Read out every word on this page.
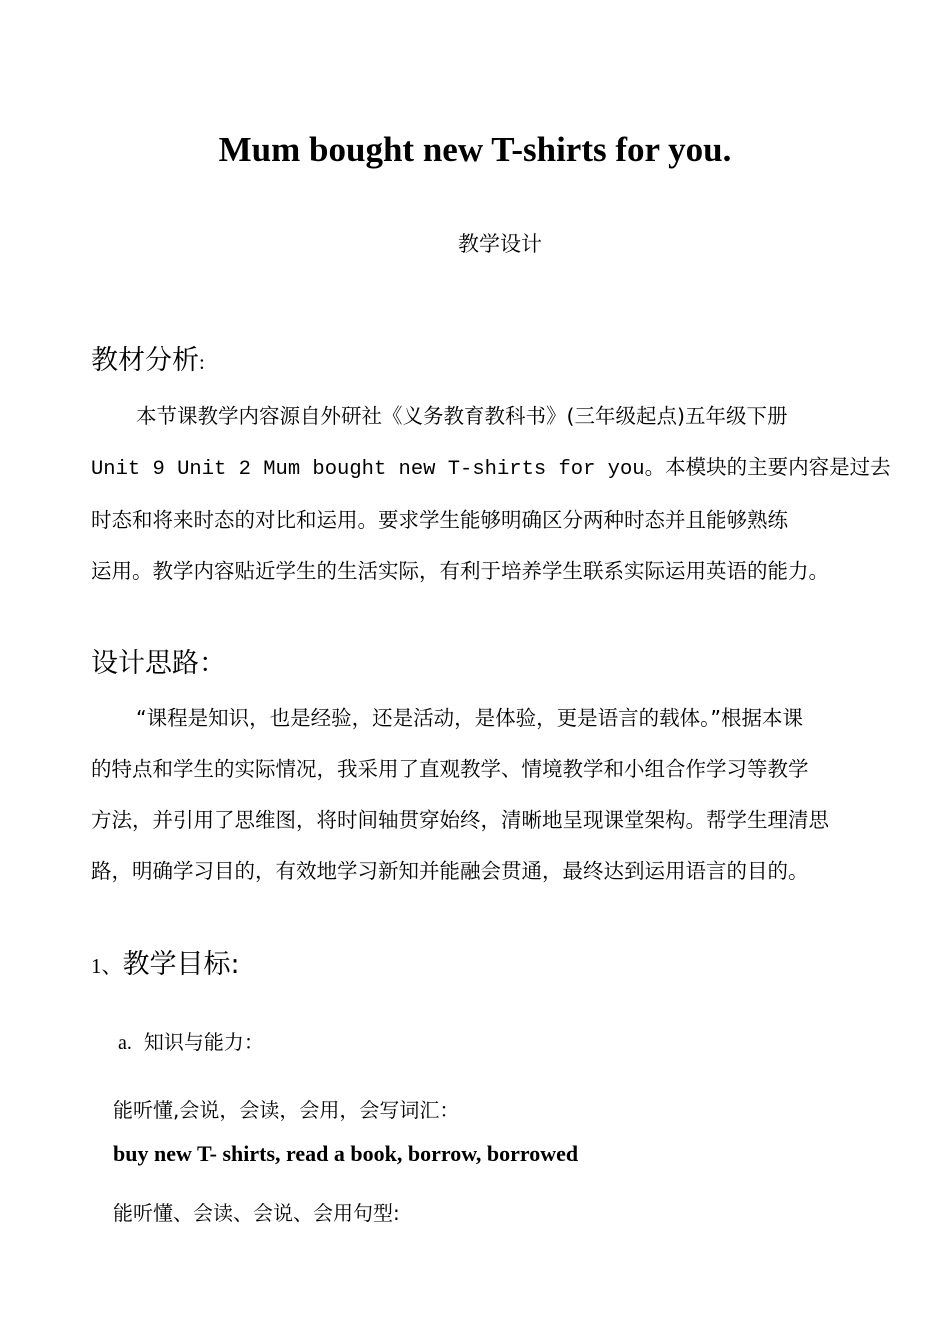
Mum bought new T-shirts for you.
教学设计
教材分析:
本节课教学内容源自外研社《义务教育教科书》(三年级起点)五年级下册
Unit 9 Unit 2 Mum bought new T-shirts for you。本模块的主要内容是过去
时态和将来时态的对比和运用。要求学生能够明确区分两种时态并且能够熟练
运用。教学内容贴近学生的生活实际，有利于培养学生联系实际运用英语的能力。
设计思路：
“课程是知识，也是经验，还是活动，是体验，更是语言的载体。”根据本课
的特点和学生的实际情况，我采用了直观教学、情境教学和小组合作学习等教学
方法，并引用了思维图，将时间轴贯穿始终，清晰地呈现课堂架构。帮学生理清思
路，明确学习目的，有效地学习新知并能融会贯通，最终达到运用语言的目的。
1、教学目标:
a. 知识与能力：
能听懂,会说，会读，会用，会写词汇：
buy new T- shirts, read a book, borrow, borrowed
能听懂、会读、会说、会用句型:
